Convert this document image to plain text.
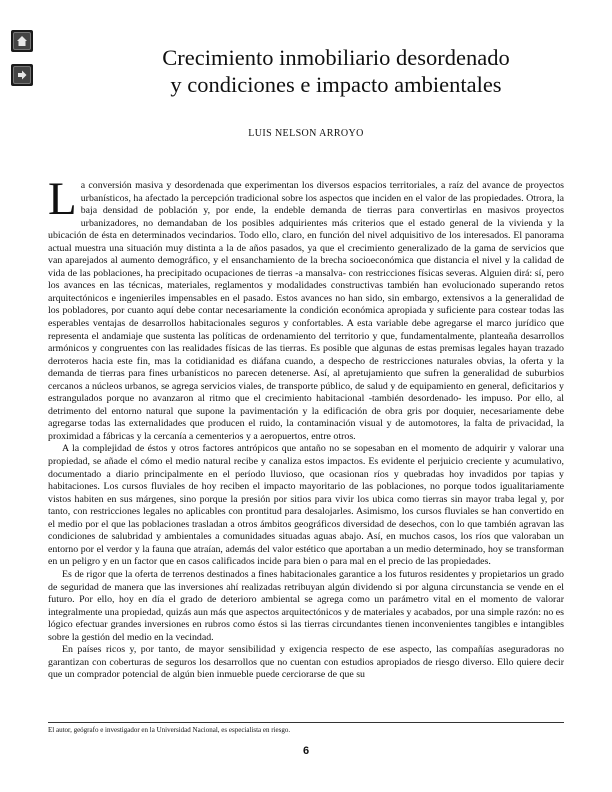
Crecimiento inmobiliario desordenado
y condiciones e impacto ambientales
LUIS NELSON ARROYO

La conversión masiva y desordenada que experimentan los diversos espacios territoriales, a raíz del avance de proyectos urbanísticos, ha afectado la percepción tradicional sobre los aspectos que inciden en el valor de las propiedades. Otrora, la baja densidad de población y, por ende, la endeble demanda de tierras para convertirlas en masivos proyectos urbanizadores, no demandaban de los posibles adquirientes más criterios que el estado general de la vivienda y la ubicación de ésta en determinados vecindarios. Todo ello, claro, en función del nivel adquisitivo de los interesados. El panorama actual muestra una situación muy distinta a la de años pasados, ya que el crecimiento generalizado de la gama de servicios que van aparejados al aumento demográfico, y el ensanchamiento de la brecha socioeconómica que distancia el nivel y la calidad de vida de las poblaciones, ha precipitado ocupaciones de tierras -a mansalva- con restricciones físicas severas. Alguien dirá: sí, pero los avances en las técnicas, materiales, reglamentos y modalidades constructivas también han evolucionado superando retos arquitectónicos e ingenieriles impensables en el pasado. Estos avances no han sido, sin embargo, extensivos a la generalidad de los pobladores, por cuanto aquí debe contar necesariamente la condición económica apropiada y suficiente para costear todas las esperables ventajas de desarrollos habitacionales seguros y confortables. A esta variable debe agregarse el marco jurídico que representa el andamiaje que sustenta las políticas de ordenamiento del territorio y que, fundamentalmente, planteaña desarrollos armónicos y congruentes con las realidades físicas de las tierras. Es posible que algunas de estas premisas legales hayan trazado derroteros hacia este fin, mas la cotidianidad es diáfana cuando, a despecho de restricciones naturales obvias, la oferta y la demanda de tierras para fines urbanísticos no parecen detenerse. Así, al apretujamiento que sufren la generalidad de suburbios cercanos a núcleos urbanos, se agrega servicios viales, de transporte público, de salud y de equipamiento en general, deficitarios y estrangulados porque no avanzaron al ritmo que el crecimiento habitacional -también desordenado- les impuso. Por ello, al detrimento del entorno natural que supone la pavimentación y la edificación de obra gris por doquier, necesariamente debe agregarse todas las externalidades que producen el ruido, la contaminación visual y de automotores, la falta de privacidad, la proximidad a fábricas y la cercanía a cementerios y a aeropuertos, entre otros.

A la complejidad de éstos y otros factores antrópicos que antaño no se sopesaban en el momento de adquirir y valorar una propiedad, se añade el cómo el medio natural recibe y canaliza estos impactos. Es evidente el perjuicio creciente y acumulativo, documentado a diario principalmente en el período lluvioso, que ocasionan ríos y quebradas hoy invadidos por tapias y habitaciones. Los cursos fluviales de hoy reciben el impacto mayoritario de las poblaciones, no porque todos igualitariamente vistos habiten en sus márgenes, sino porque la presión por sitios para vivir los ubica como tierras sin mayor traba legal y, por tanto, con restricciones legales no aplicables con prontitud para desalojarles. Asimismo, los cursos fluviales se han convertido en el medio por el que las poblaciones trasladan a otros ámbitos geográficos diversidad de desechos, con lo que también agravan las condiciones de salubridad y ambientales a comunidades situadas aguas abajo. Así, en muchos casos, los ríos que valoraban un entorno por el verdor y la fauna que atraían, además del valor estético que aportaban a un medio determinado, hoy se transforman en un peligro y en un factor que en casos calificados incide para bien o para mal en el precio de las propiedades.

Es de rigor que la oferta de terrenos destinados a fines habitacionales garantice a los futuros residentes y propietarios un grado de seguridad de manera que las inversiones ahí realizadas retribuyan algún dividendo si por alguna circunstancia se vende en el futuro. Por ello, hoy en día el grado de deterioro ambiental se agrega como un parámetro vital en el momento de valorar integralmente una propiedad, quizás aun más que aspectos arquitectónicos y de materiales y acabados, por una simple razón: no es lógico efectuar grandes inversiones en rubros como éstos si las tierras circundantes tienen inconvenientes tangibles e intangibles sobre la gestión del medio en la vecindad.

En países ricos y, por tanto, de mayor sensibilidad y exigencia respecto de ese aspecto, las compañías aseguradoras no garantizan con coberturas de seguros los desarrollos que no cuentan con estudios apropiados de riesgo diverso. Ello quiere decir que un comprador potencial de algún bien inmueble puede cerciorarse de que su

El autor, geógrafo e investigador en la Universidad Nacional, es especialista en riesgo.
6
